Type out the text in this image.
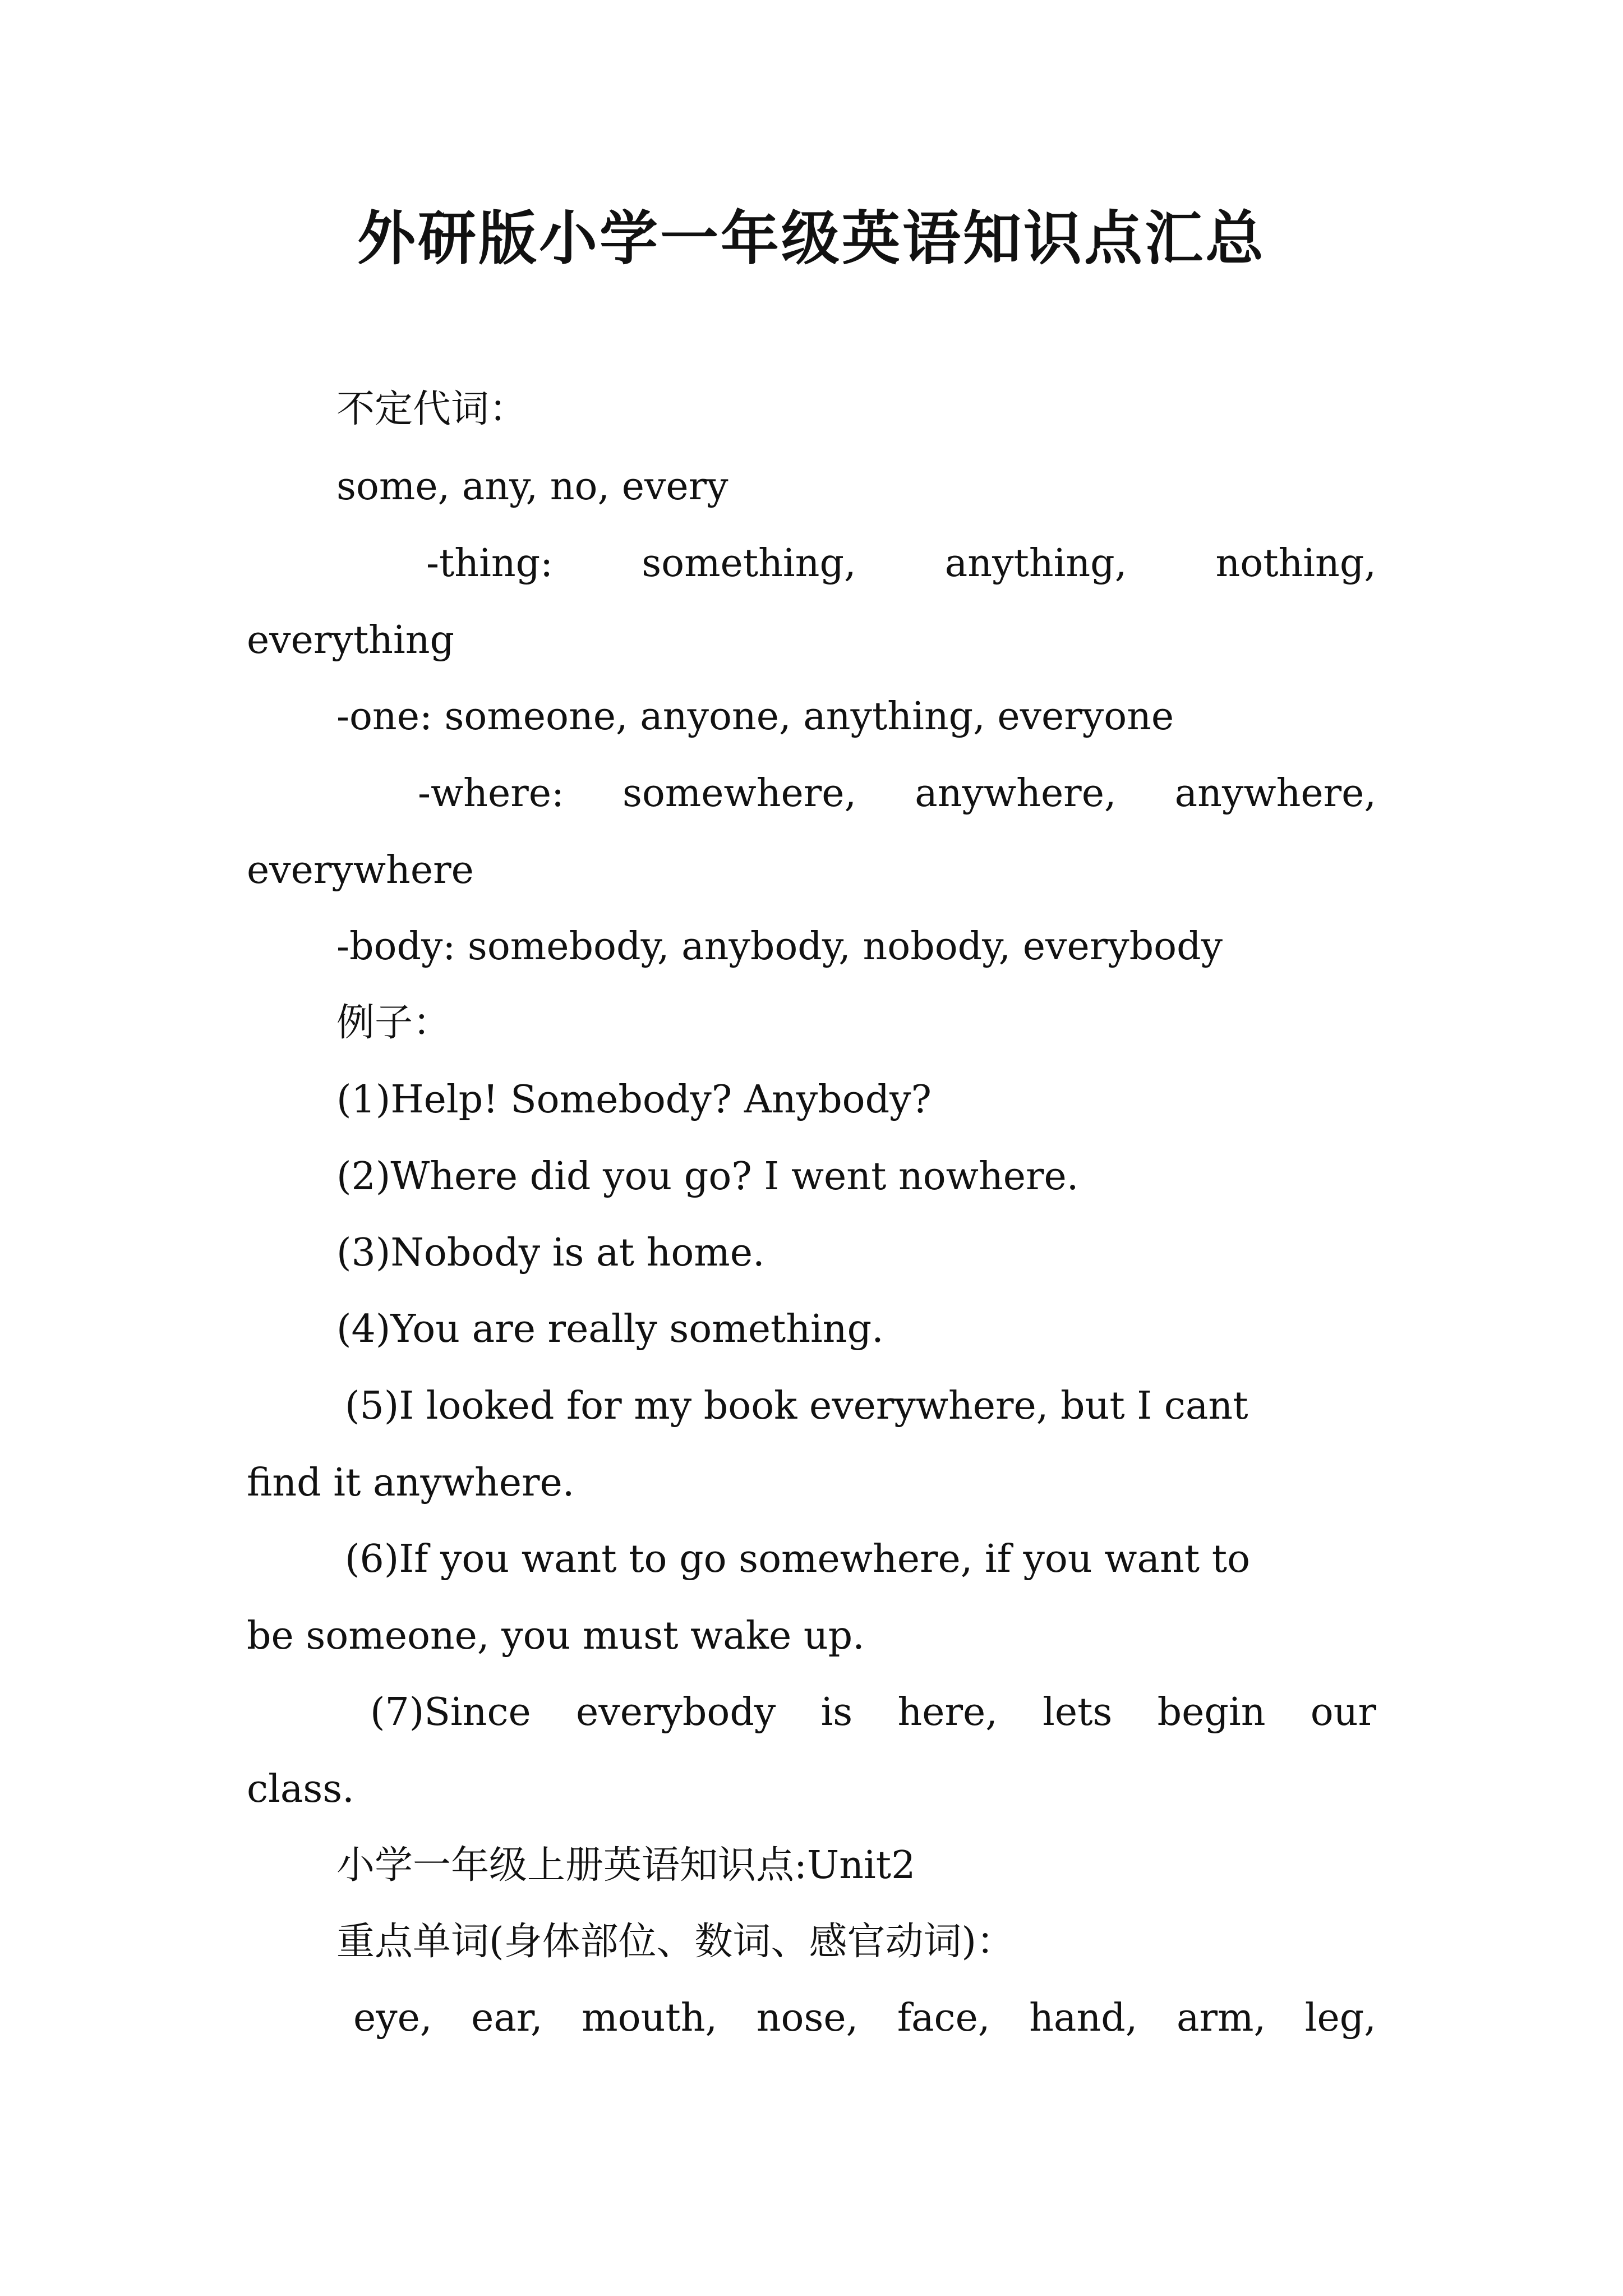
外研版小学一年级英语知识点汇总
不定代词：
some, any, no, every
-thing: something, anything, nothing,
everything
-one: someone, anyone, anything, everyone
-where: somewhere, anywhere, anywhere,
everywhere
-body: somebody, anybody, nobody, everybody
例子：
(1)Help! Somebody? Anybody?
(2)Where did you go? I went nowhere.
(3)Nobody is at home.
(4)You are really something.
(5)I looked for my book everywhere, but I cant
find it anywhere.
(6)If you want to go somewhere, if you want to
be someone, you must wake up.
(7)Since everybody is here, lets begin our
class.
小学一年级上册英语知识点:Unit2
重点单词(身体部位、数词、感官动词)：
eye, ear, mouth, nose, face, hand, arm, leg,
